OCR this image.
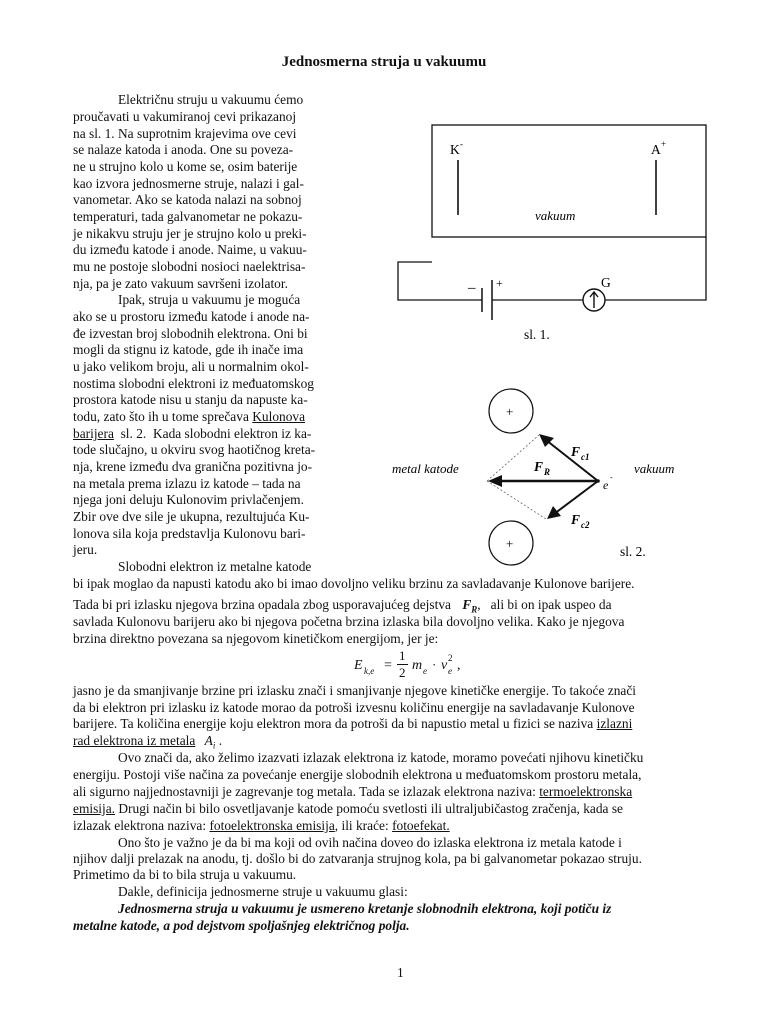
Jednosmerna struja u vakuumu
Električnu struju u vakuumu ćemo
proučavati u vakumiranoj cevi prikazanoj
na sl. 1. Na suprotnim krajevima ove cevi
se nalaze katoda i anoda. One su poveza-
ne u strujno kolo u kome se, osim baterije
kao izvora jednosmerne struje, nalazi i gal-
vanometar. Ako se katoda nalazi na sobnoj
temperaturi, tada galvanometar ne pokazu-
je nikakvu struju jer je strujno kolo u preki-
du između katode i anode. Naime, u vakuu-
mu ne postoje slobodni nosioci naelektrisa-
nja, pa je zato vakuum savršeni izolator.
Ipak, struja u vakuumu je moguća
ako se u prostoru između katode i anode na-
đe izvestan broj slobodnih elektrona. Oni bi
mogli da stignu iz katode, gde ih inače ima
u jako velikom broju, ali u normalnim okol-
nostima slobodni elektroni iz međuatomskog
prostora katode nisu u stanju da napuste ka-
todu, zato što ih u tome sprečava Kulonova
barijera  sl. 2.  Kada slobodni elektron iz ka-
tode slučajno, u okviru svog haotičnog kreta-
nja, krene između dva granična pozitivna jo-
na metala prema izlazu iz katode – tada na
njega joni deluju Kulonovim privlačenjem.
Zbir ove dve sile je ukupna, rezultujuća Ku-
lonova sila koja predstavlja Kulonovu bari-
jeru.
Slobodni elektron iz metalne katode
K -	A +
vakuum
– +	G
sl. 1.
+
+
F c1
F R
F c2
e
-
metal katode	vakuum
sl. 2.
bi ipak moglao da napusti katodu ako bi imao dovoljno veliku brzinu za savladavanje Kulonove barijere.
Tada bi pri izlasku njegova brzina opadala zbog usporavajućeg dejstva $F_R$,   ali bi on ipak uspeo da
savlada Kulonovu barijeru ako bi njegova početna brzina izlaska bila dovoljno velika. Kako je njegova
brzina direktno povezana sa njegovom kinetičkom energijom, jer je:
E k,e =
1
2 m e · v e
2 ,
jasno je da smanjivanje brzine pri izlasku znači i smanjivanje njegove kinetičke energije. To takoće znači
da bi elektron pri izlasku iz katode morao da potroši izvesnu količinu energije na savladavanje Kulonove
barijere. Ta količina energije koju elektron mora da potroši da bi napustio metal u fizici se naziva izlazni
rad elektrona iz metala $A_i$ .
Ovo znači da, ako želimo izazvati izlazak elektrona iz katode, moramo povećati njihovu kinetičku
energiju. Postoji više načina za povećanje energije slobodnih elektrona u međuatomskom prostoru metala,
ali sigurno najjednostavniji je zagrevanje tog metala. Tada se izlazak elektrona naziva: termoelektronska
emisija. Drugi način bi bilo osvetljavanje katode pomoću svetlosti ili ultraljubičastog zračenja, kada se
izlazak elektrona naziva: fotoelektronska emisija, ili kraće: fotoefekat.
Ono što je važno je da bi ma koji od ovih načina doveo do izlaska elektrona iz metala katode i
njihov dalji prelazak na anodu, tj. došlo bi do zatvaranja strujnog kola, pa bi galvanometar pokazao struju.
Primetimo da bi to bila struja u vakuumu.
Dakle, definicija jednosmerne struje u vakuumu glasi:
Jednosmerna struja u vakuumu je usmereno kretanje slobnodnih elektrona, koji potiču iz
metalne katode, a pod dejstvom spoljašnjeg električnog polja.
1
